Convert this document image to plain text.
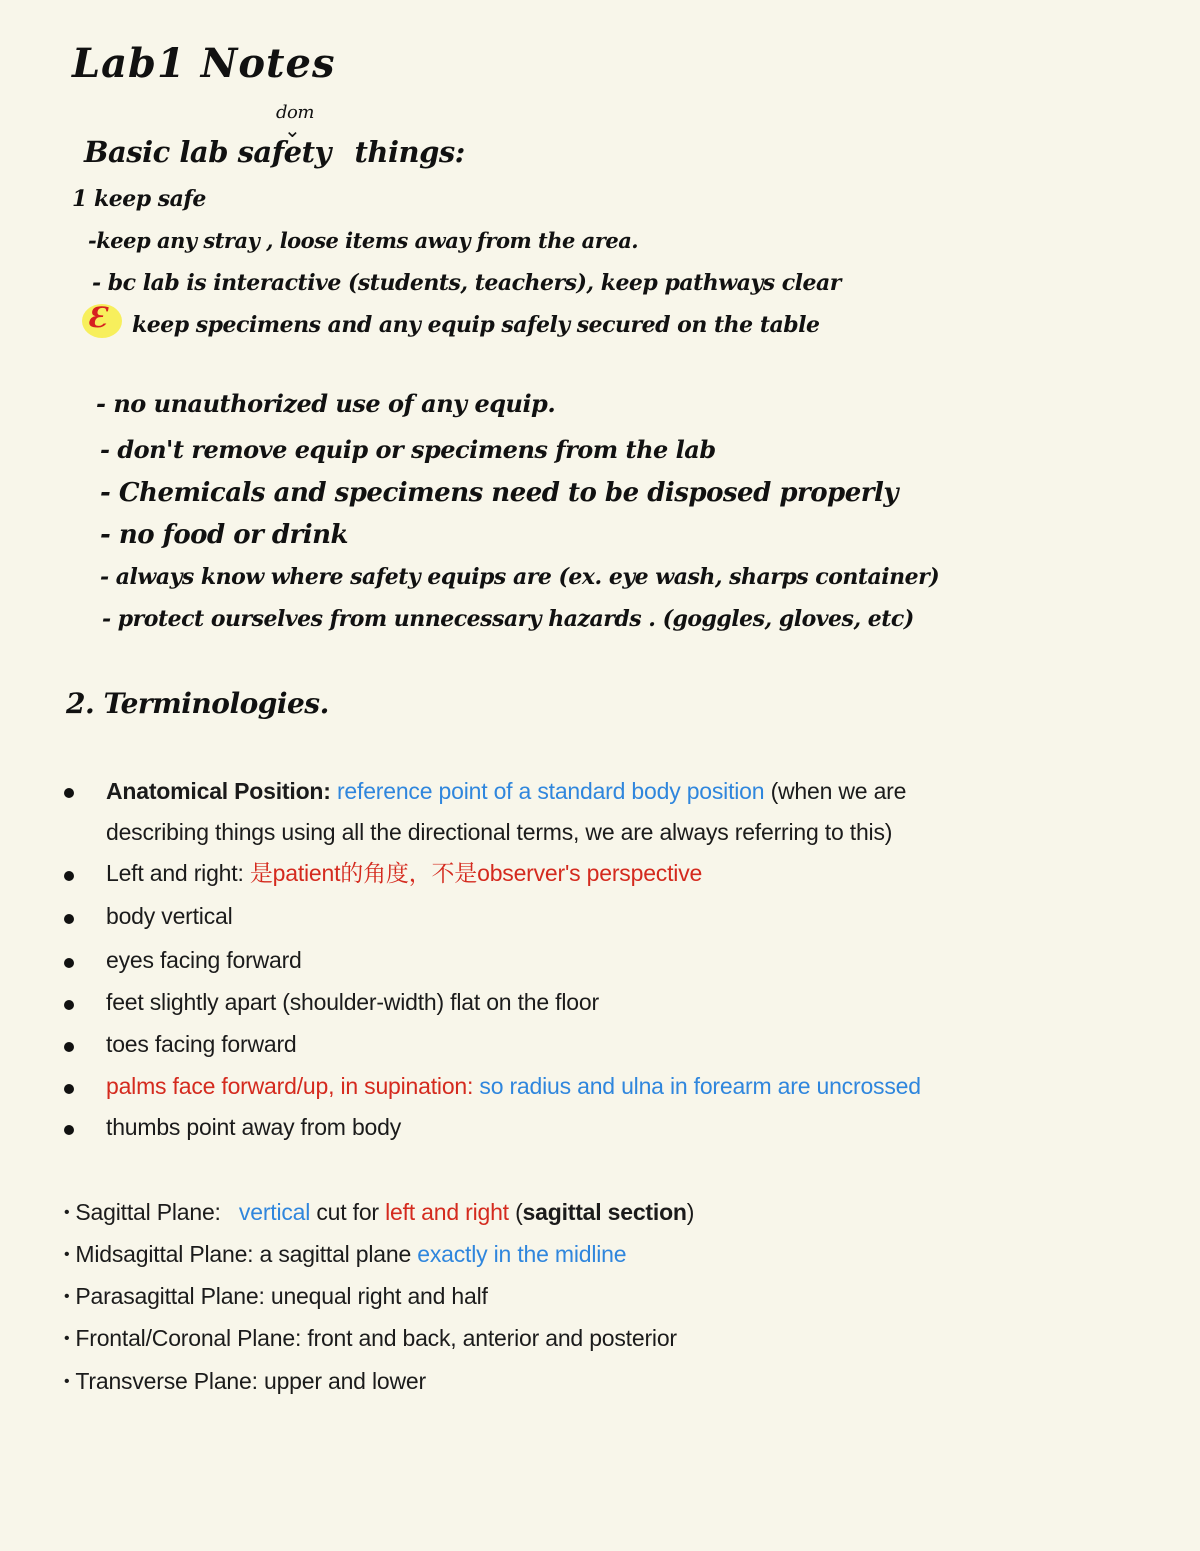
Lab1 Notes
dom
⌄
Basic lab safety things:
1 keep safe
-keep any stray , loose items away from the area.
- bc lab is interactive (students, teachers), keep pathways clear
Ɛ keep specimens and any equip safely secured on the table
- no unauthorized use of any equip.
- don't remove equip or specimens from the lab
- Chemicals and specimens need to be disposed properly
- no food or drink
- always know where safety equips are (ex. eye wash, sharps container)
- protect ourselves from unnecessary hazards . (goggles, gloves, etc)
2. Terminologies.
Anatomical Position: reference point of a standard body position (when we are
describing things using all the directional terms, we are always referring to this)
Left and right: 是patient的角度，不是observer's perspective
body vertical
eyes facing forward
feet slightly apart (shoulder-width) flat on the floor
toes facing forward
palms face forward/up, in supination: so radius and ulna in forearm are uncrossed
thumbs point away from body
• Sagittal Plane: vertical cut for left and right (sagittal section)
• Midsagittal Plane: a sagittal plane exactly in the midline
• Parasagittal Plane: unequal right and half
• Frontal/Coronal Plane: front and back, anterior and posterior
• Transverse Plane: upper and lower
